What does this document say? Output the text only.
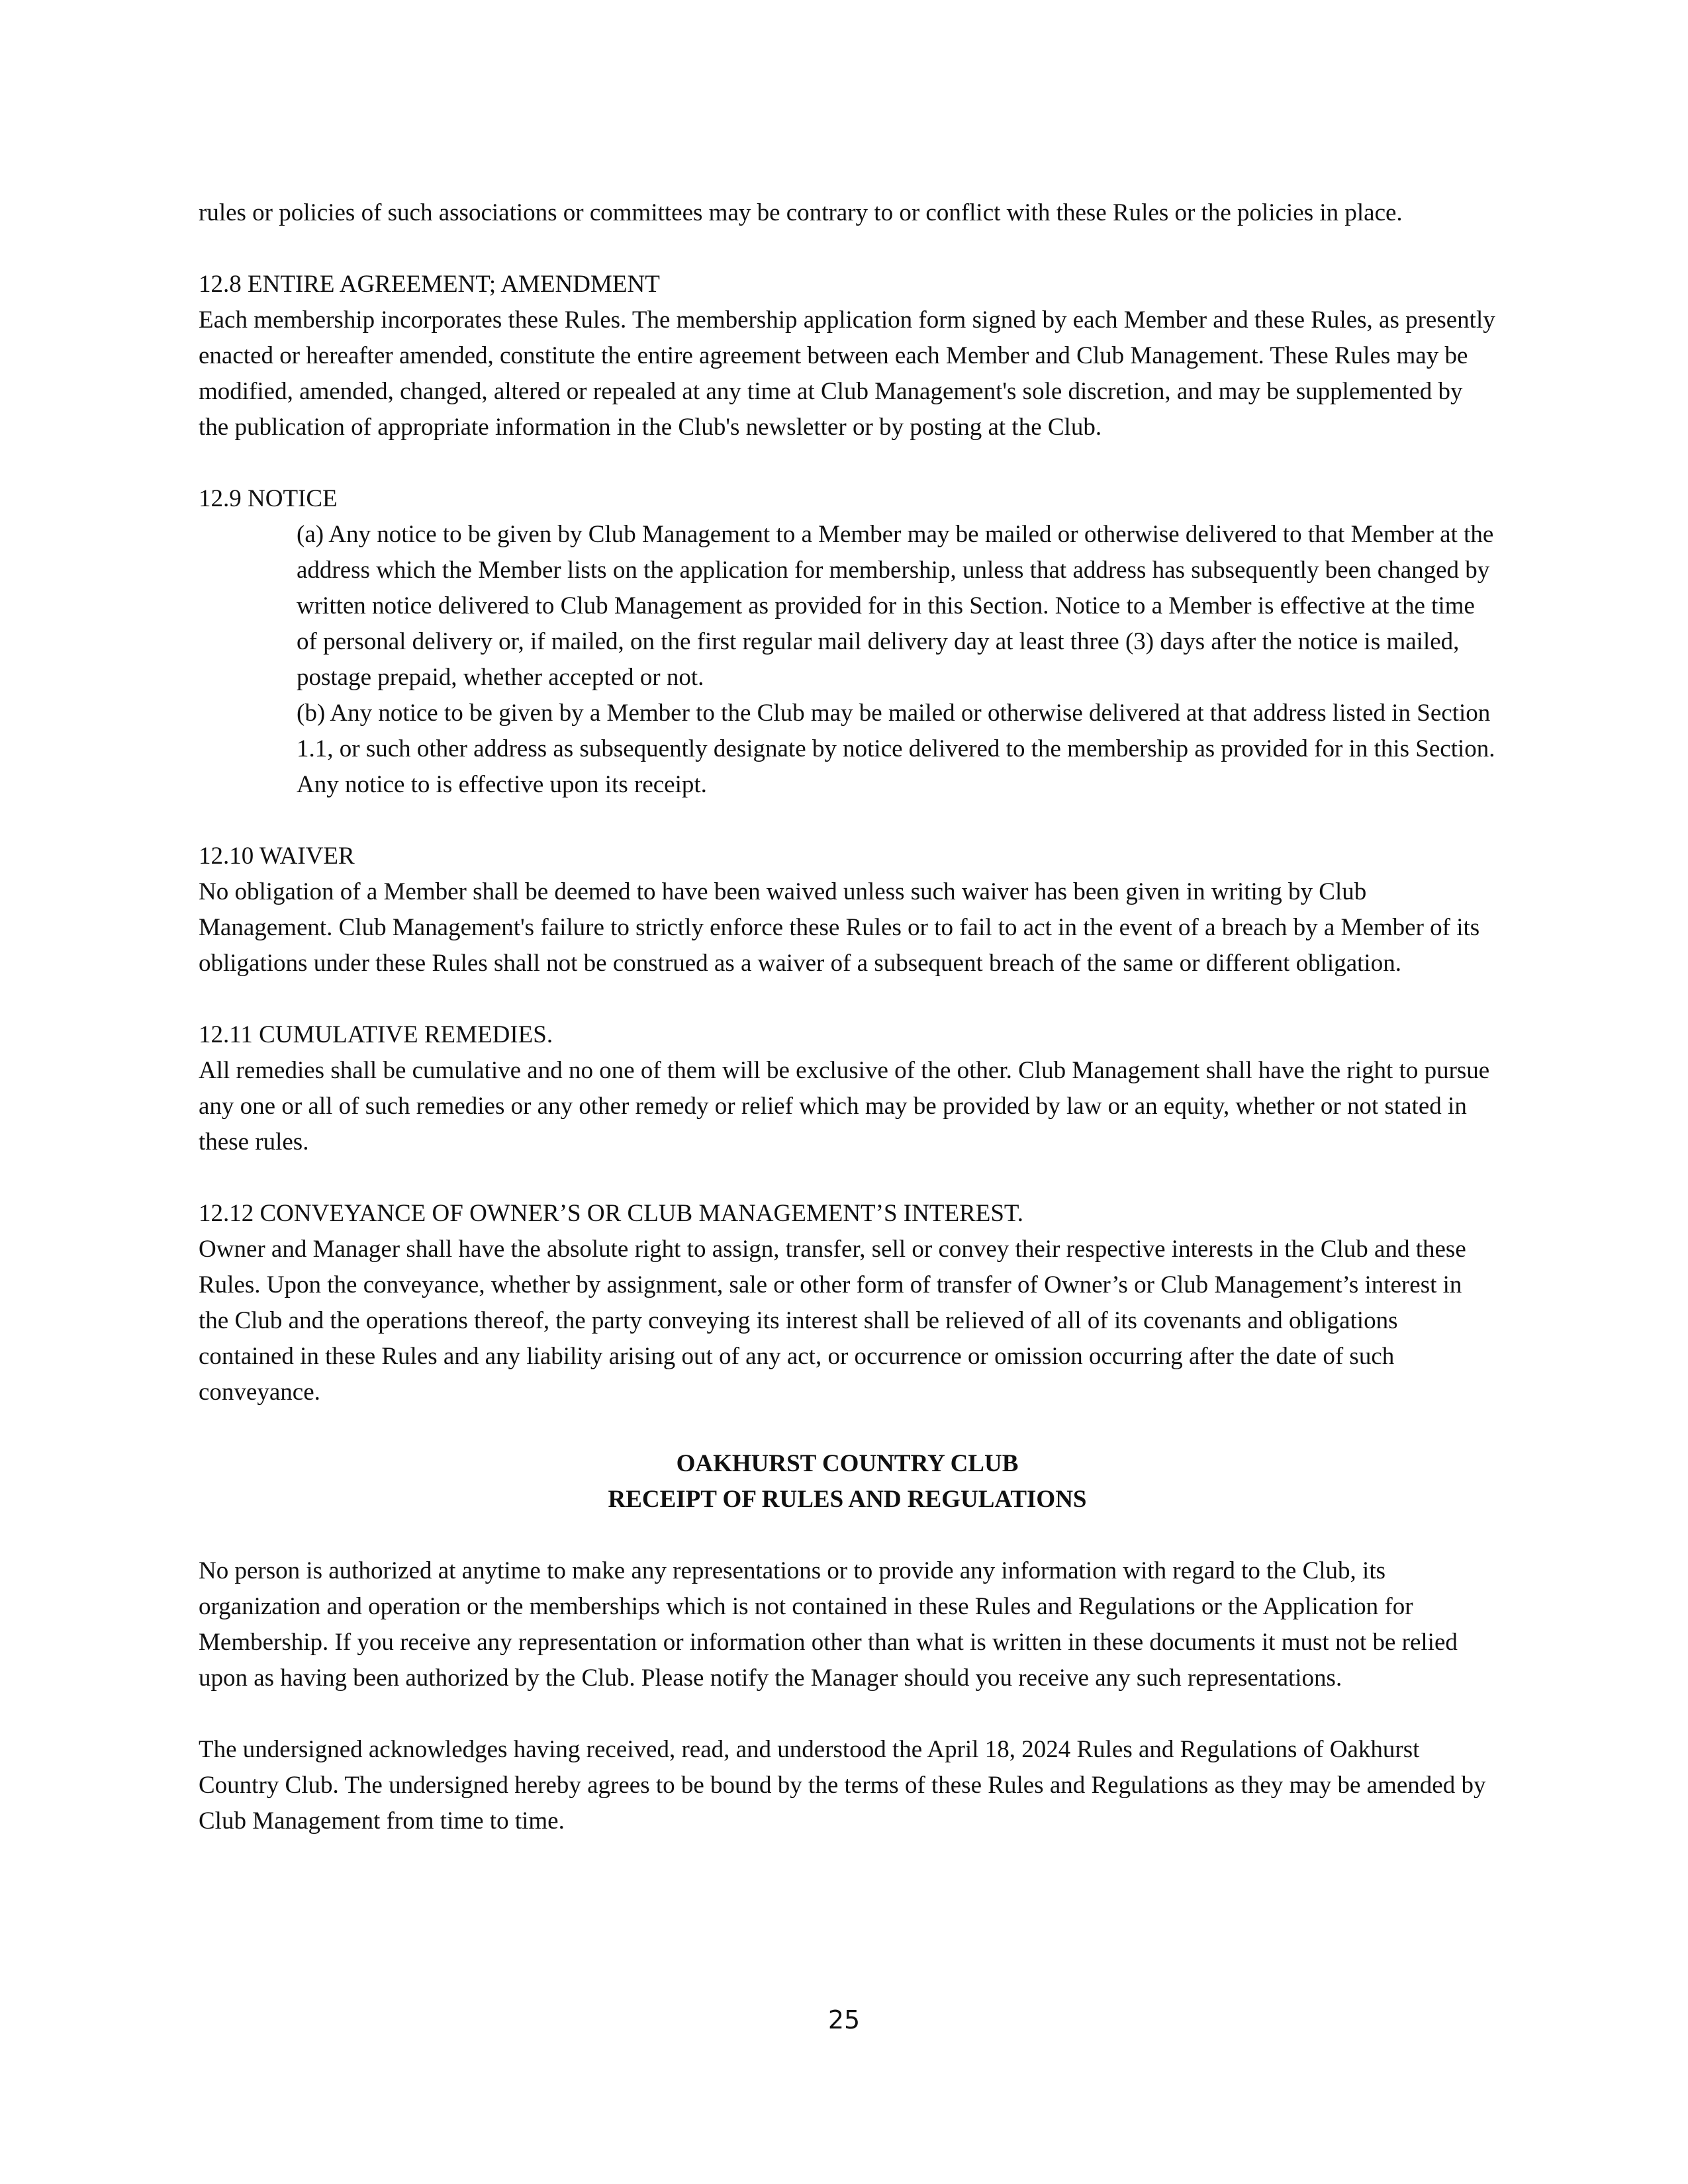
rules or policies of such associations or committees may be contrary to or conflict with these Rules or the policies in place.

12.8 ENTIRE AGREEMENT; AMENDMENT

Each membership incorporates these Rules. The membership application form signed by each Member and these Rules, as presently enacted or hereafter amended, constitute the entire agreement between each Member and Club Management. These Rules may be modified, amended, changed, altered or repealed at any time at Club Management's sole discretion, and may be supplemented by the publication of appropriate information in the Club's newsletter or by posting at the Club.

12.9 NOTICE

(a) Any notice to be given by Club Management to a Member may be mailed or otherwise delivered to that Member at the address which the Member lists on the application for membership, unless that address has subsequently been changed by written notice delivered to Club Management as provided for in this Section. Notice to a Member is effective at the time of personal delivery or, if mailed, on the first regular mail delivery day at least three (3) days after the notice is mailed, postage prepaid, whether accepted or not.

(b) Any notice to be given by a Member to the Club may be mailed or otherwise delivered at that address listed in Section 1.1, or such other address as subsequently designate by notice delivered to the membership as provided for in this Section. Any notice to is effective upon its receipt.

12.10 WAIVER

No obligation of a Member shall be deemed to have been waived unless such waiver has been given in writing by Club Management. Club Management's failure to strictly enforce these Rules or to fail to act in the event of a breach by a Member of its obligations under these Rules shall not be construed as a waiver of a subsequent breach of the same or different obligation.

12.11 CUMULATIVE REMEDIES.

All remedies shall be cumulative and no one of them will be exclusive of the other. Club Management shall have the right to pursue any one or all of such remedies or any other remedy or relief which may be provided by law or an equity, whether or not stated in these rules.

12.12 CONVEYANCE OF OWNER’S OR CLUB MANAGEMENT’S INTEREST.

Owner and Manager shall have the absolute right to assign, transfer, sell or convey their respective interests in the Club and these Rules. Upon the conveyance, whether by assignment, sale or other form of transfer of Owner’s or Club Management’s interest in the Club and the operations thereof, the party conveying its interest shall be relieved of all of its covenants and obligations contained in these Rules and any liability arising out of any act, or occurrence or omission occurring after the date of such conveyance.

OAKHURST COUNTRY CLUB

RECEIPT OF RULES AND REGULATIONS

No person is authorized at anytime to make any representations or to provide any information with regard to the Club, its organization and operation or the memberships which is not contained in these Rules and Regulations or the Application for Membership. If you receive any representation or information other than what is written in these documents it must not be relied upon as having been authorized by the Club. Please notify the Manager should you receive any such representations.

The undersigned acknowledges having received, read, and understood the April 18, 2024 Rules and Regulations of Oakhurst Country Club. The undersigned hereby agrees to be bound by the terms of these Rules and Regulations as they may be amended by Club Management from time to time.

25
